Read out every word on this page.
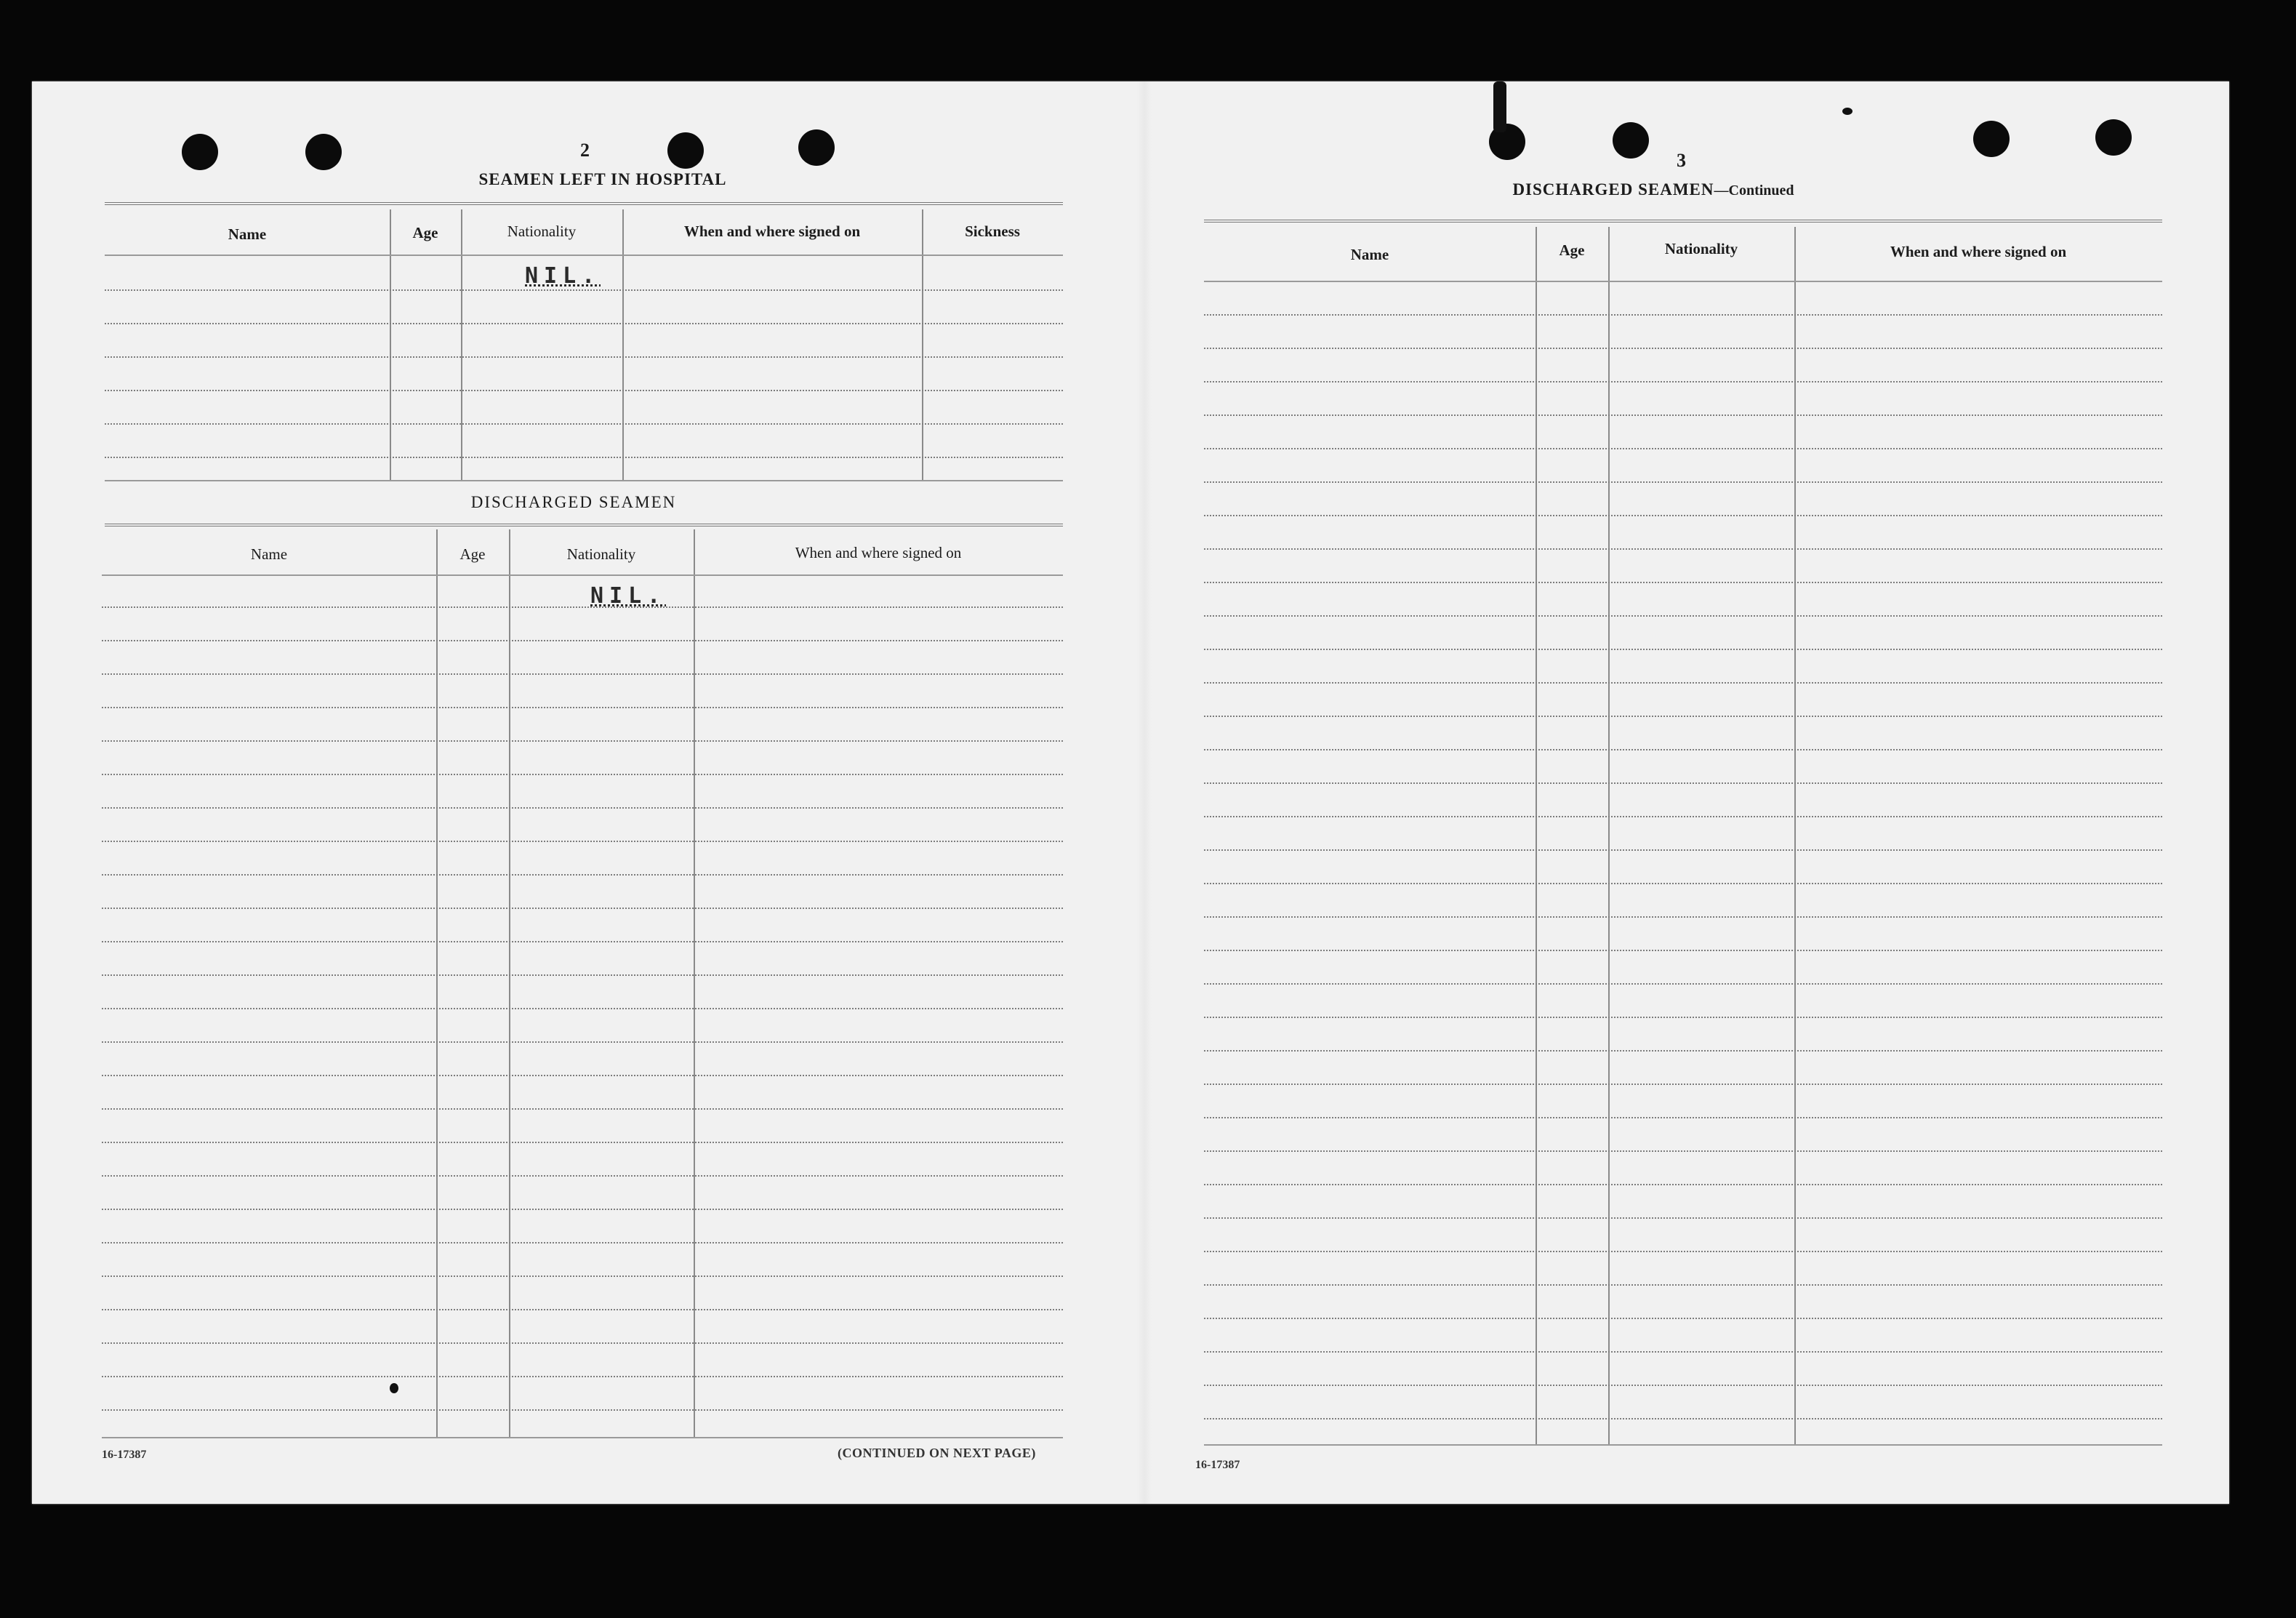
2
SEAMEN LEFT IN HOSPITAL
Name	Age	Nationality	When and where signed on	Sickness
NIL.
DISCHARGED SEAMEN
Name	Age	Nationality	When and where signed on
NIL.
16-17387	(CONTINUED ON NEXT PAGE)
3
DISCHARGED SEAMEN—Continued
Name	Age	Nationality	When and where signed on
16-17387
